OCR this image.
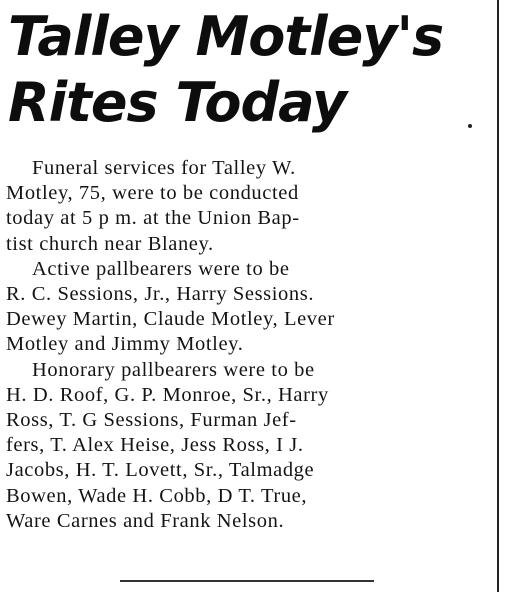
Talley Motley's
Rites Today

Funeral services for Talley W.
Motley, 75, were to be conducted
today at 5 p m. at the Union Bap-
tist church near Blaney.

Active pallbearers were to be
R. C. Sessions, Jr., Harry Sessions.
Dewey Martin, Claude Motley, Lever
Motley and Jimmy Motley.

Honorary pallbearers were to be
H. D. Roof, G. P. Monroe, Sr., Harry
Ross, T. G Sessions, Furman Jef-
fers, T. Alex Heise, Jess Ross, I J.
Jacobs, H. T. Lovett, Sr., Talmadge
Bowen, Wade H. Cobb, D T. True,
Ware Carnes and Frank Nelson.
